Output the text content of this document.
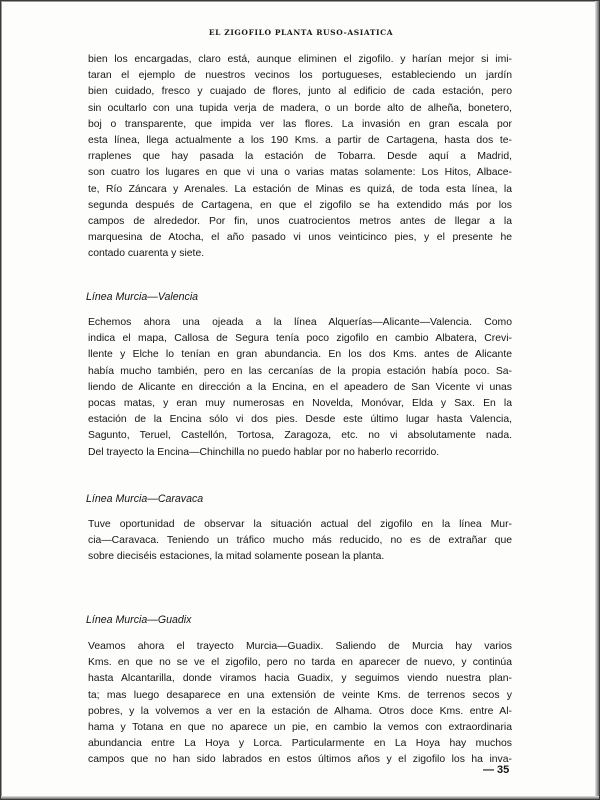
EL ZIGOFILO PLANTA RUSO-ASIATICA
bien los encargadas, claro está, aunque eliminen el zigofilo. y harían mejor si imi-
taran el ejemplo de nuestros vecinos los portugueses, estableciendo un jardín
bien cuidado, fresco y cuajado de flores, junto al edificio de cada estación, pero
sin ocultarlo con una tupida verja de madera, o un borde alto de alheña, bonetero,
boj o transparente, que impida ver las flores. La invasión en gran escala por
esta línea, llega actualmente a los 190 Kms. a partir de Cartagena, hasta dos te-
rraplenes que hay pasada la estación de Tobarra. Desde aquí a Madrid,
son cuatro los lugares en que vi una o varias matas solamente: Los Hitos, Albace-
te, Río Záncara y Arenales. La estación de Minas es quizá, de toda esta línea, la
segunda después de Cartagena, en que el zigofilo se ha extendido más por los
campos de alrededor. Por fin, unos cuatrocientos metros antes de llegar a la
marquesina de Atocha, el año pasado vi unos veinticinco pies, y el presente he
contado cuarenta y siete.
Línea Murcia—Valencia
Echemos ahora una ojeada a la línea Alquerías—Alicante—Valencia. Como
indica el mapa, Callosa de Segura tenía poco zigofilo en cambio Albatera, Crevi-
llente y Elche lo tenían en gran abundancia. En los dos Kms. antes de Alicante
había mucho también, pero en las cercanías de la propia estación había poco. Sa-
liendo de Alicante en dirección a la Encina, en el apeadero de San Vicente vi unas
pocas matas, y eran muy numerosas en Novelda, Monóvar, Elda y Sax. En la
estación de la Encina sólo vi dos pies. Desde este último lugar hasta Valencia,
Sagunto, Teruel, Castellón, Tortosa, Zaragoza, etc. no vi absolutamente nada.
Del trayecto la Encina—Chinchilla no puedo hablar por no haberlo recorrido.
Línea Murcia—Caravaca
Tuve oportunidad de observar la situación actual del zigofilo en la línea Mur-
cia—Caravaca. Teniendo un tráfico mucho más reducido, no es de extrañar que
sobre dieciséis estaciones, la mitad solamente posean la planta.
Línea Murcia—Guadix
Veamos ahora el trayecto Murcia—Guadix. Saliendo de Murcia hay varios
Kms. en que no se ve el zigofilo, pero no tarda en aparecer de nuevo, y continúa
hasta Alcantarilla, donde viramos hacia Guadix, y seguimos viendo nuestra plan-
ta; mas luego desaparece en una extensión de veinte Kms. de terrenos secos y
pobres, y la volvemos a ver en la estación de Alhama. Otros doce Kms. entre Al-
hama y Totana en que no aparece un pie, en cambio la vemos con extraordinaria
abundancia entre La Hoya y Lorca. Particularmente en La Hoya hay muchos
campos que no han sido labrados en estos últimos años y el zigofilo los ha inva-
— 35
